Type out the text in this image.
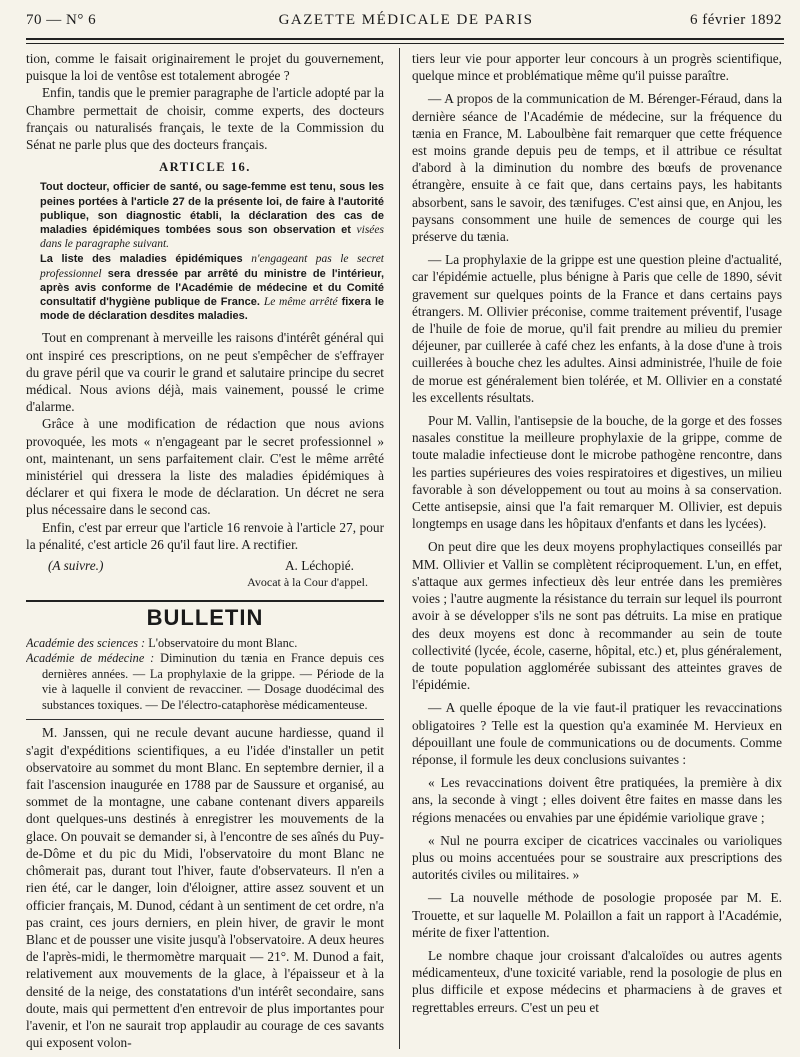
70 — N° 6	GAZETTE MÉDICALE DE PARIS	6 février 1892

tion, comme le faisait originairement le projet du gouvernement, puisque la loi de ventôse est totalement abrogée ?

Enfin, tandis que le premier paragraphe de l'article adopté par la Chambre permettait de choisir, comme experts, des docteurs français ou naturalisés français, le texte de la Commission du Sénat ne parle plus que des docteurs français.

ARTICLE 16.
Tout docteur, officier de santé, ou sage-femme est tenu, sous les peines portées à l'article 27 de la présente loi, de faire à l'autorité publique, son diagnostic établi, la déclaration des cas de maladies épidémiques tombées sous son observation et visées dans le paragraphe suivant.
La liste des maladies épidémiques n'engageant pas le secret professionnel sera dressée par arrêté du ministre de l'intérieur, après avis conforme de l'Académie de médecine et du Comité consultatif d'hygiène publique de France. Le même arrêté fixera le mode de déclaration desdites maladies.

Tout en comprenant à merveille les raisons d'intérêt général qui ont inspiré ces prescriptions, on ne peut s'empêcher de s'effrayer du grave péril que va courir le grand et salutaire principe du secret médical. Nous avions déjà, mais vainement, poussé le crime d'alarme.

Grâce à une modification de rédaction que nous avions provoquée, les mots « n'engageant par le secret professionnel » ont, maintenant, un sens parfaitement clair. C'est le même arrêté ministériel qui dressera la liste des maladies épidémiques à déclarer et qui fixera le mode de déclaration. Un décret ne sera plus nécessaire dans le second cas.

Enfin, c'est par erreur que l'article 16 renvoie à l'article 27, pour la pénalité, c'est article 26 qu'il faut lire. A rectifier.

(A suivre.)	A. Léchopié.
Avocat à la Cour d'appel.
BULLETIN
Académie des sciences : L'observatoire du mont Blanc.
Académie de médecine : Diminution du tænia en France depuis ces dernières années. — La prophylaxie de la grippe. — Période de la vie à laquelle il convient de revacciner. — Dosage duodécimal des substances toxiques. — De l'électro-cataphorèse médicamenteuse.

M. Janssen, qui ne recule devant aucune hardiesse, quand il s'agit d'expéditions scientifiques, a eu l'idée d'installer un petit observatoire au sommet du mont Blanc. En septembre dernier, il a fait l'ascension inaugurée en 1788 par de Saussure et organisé, au sommet de la montagne, une cabane contenant divers appareils dont quelques-uns destinés à enregistrer les mouvements de la glace. On pouvait se demander si, à l'encontre de ses aînés du Puy-de-Dôme et du pic du Midi, l'observatoire du mont Blanc ne chômerait pas, durant tout l'hiver, faute d'observateurs. Il n'en a rien été, car le danger, loin d'éloigner, attire assez souvent et un officier français, M. Dunod, cédant à un sentiment de cet ordre, n'a pas craint, ces jours derniers, en plein hiver, de gravir le mont Blanc et de pousser une visite jusqu'à l'observatoire. A deux heures de l'après-midi, le thermomètre marquait — 21°. M. Dunod a fait, relativement aux mouvements de la glace, à l'épaisseur et à la densité de la neige, des constatations d'un intérêt secondaire, sans doute, mais qui permettent d'en entrevoir de plus importantes pour l'avenir, et l'on ne saurait trop applaudir au courage de ces savants qui exposent volon-

tiers leur vie pour apporter leur concours à un progrès scientifique, quelque mince et problématique même qu'il puisse paraître.

— A propos de la communication de M. Bérenger-Féraud, dans la dernière séance de l'Académie de médecine, sur la fréquence du tænia en France, M. Laboulbène fait remarquer que cette fréquence est moins grande depuis peu de temps, et il attribue ce résultat d'abord à la diminution du nombre des bœufs de provenance étrangère, ensuite à ce fait que, dans certains pays, les habitants absorbent, sans le savoir, des tænifuges. C'est ainsi que, en Anjou, les paysans consomment une huile de semences de courge qui les préserve du tænia.

— La prophylaxie de la grippe est une question pleine d'actualité, car l'épidémie actuelle, plus bénigne à Paris que celle de 1890, sévit gravement sur quelques points de la France et dans certains pays étrangers. M. Ollivier préconise, comme traitement préventif, l'usage de l'huile de foie de morue, qu'il fait prendre au milieu du premier déjeuner, par cuillerée à café chez les enfants, à la dose d'une à trois cuillerées à bouche chez les adultes. Ainsi administrée, l'huile de foie de morue est généralement bien tolérée, et M. Ollivier en a constaté les excellents résultats.

Pour M. Vallin, l'antisepsie de la bouche, de la gorge et des fosses nasales constitue la meilleure prophylaxie de la grippe, comme de toute maladie infectieuse dont le microbe pathogène rencontre, dans les parties supérieures des voies respiratoires et digestives, un milieu favorable à son développement ou tout au moins à sa conservation. Cette antisepsie, ainsi que l'a fait remarquer M. Ollivier, est depuis longtemps en usage dans les hôpitaux d'enfants et dans les lycées).

On peut dire que les deux moyens prophylactiques conseillés par MM. Ollivier et Vallin se complètent réciproquement. L'un, en effet, s'attaque aux germes infectieux dès leur entrée dans les premières voies ; l'autre augmente la résistance du terrain sur lequel ils pourront avoir à se développer s'ils ne sont pas détruits. La mise en pratique des deux moyens est donc à recommander au sein de toute collectivité (lycée, école, caserne, hôpital, etc.) et, plus généralement, de toute population agglomérée subissant des atteintes graves de l'épidémie.

— A quelle époque de la vie faut-il pratiquer les revaccinations obligatoires ? Telle est la question qu'a examinée M. Hervieux en dépouillant une foule de communications ou de documents. Comme réponse, il formule les deux conclusions suivantes :

« Les revaccinations doivent être pratiquées, la première à dix ans, la seconde à vingt ; elles doivent être faites en masse dans les régions menacées ou envahies par une épidémie variolique grave ;

« Nul ne pourra exciper de cicatrices vaccinales ou varioliques plus ou moins accentuées pour se soustraire aux prescriptions des autorités civiles ou militaires. »

— La nouvelle méthode de posologie proposée par M. E. Trouette, et sur laquelle M. Polaillon a fait un rapport à l'Académie, mérite de fixer l'attention.

Le nombre chaque jour croissant d'alcaloïdes ou autres agents médicamenteux, d'une toxicité variable, rend la posologie de plus en plus difficile et expose médecins et pharmaciens à de graves et regrettables erreurs. C'est un peu et
